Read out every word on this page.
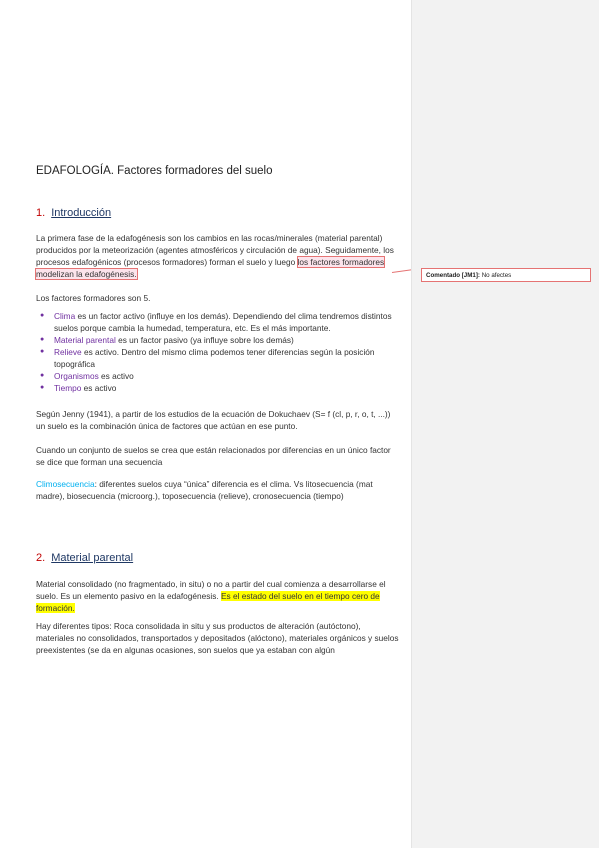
EDAFOLOGÍA. Factores formadores del suelo
1. Introducción
La primera fase de la edafogénesis son los cambios en las rocas/minerales (material parental) producidos por la meteorización (agentes atmosféricos y circulación de agua). Seguidamente, los procesos edafogénicos (procesos formadores) forman el suelo y luego los factores formadores modelizan la edafogénesis.
Los factores formadores son 5.
● Clima es un factor activo (influye en los demás). Dependiendo del clima tendremos distintos suelos porque cambia la humedad, temperatura, etc. Es el más importante.
● Material parental es un factor pasivo (ya influye sobre los demás)
● Relieve es activo. Dentro del mismo clima podemos tener diferencias según la posición topográfica
● Organismos es activo
● Tiempo es activo
Según Jenny (1941), a partir de los estudios de la ecuación de Dokuchaev (S= f (cl, p, r, o, t, ...)) un suelo es la combinación única de factores que actúan en ese punto.
Cuando un conjunto de suelos se crea que están relacionados por diferencias en un único factor se dice que forman una secuencia
Climosecuencia: diferentes suelos cuya “única” diferencia es el clima. Vs litosecuencia (mat madre), biosecuencia (microorg.), toposecuencia (relieve), cronosecuencia (tiempo)
2. Material parental
Material consolidado (no fragmentado, in situ) o no a partir del cual comienza a desarrollarse el suelo. Es un elemento pasivo en la edafogénesis. Es el estado del suelo en el tiempo cero de formación.
Hay diferentes tipos: Roca consolidada in situ y sus productos de alteración (autóctono), materiales no consolidados, transportados y depositados (alóctono), materiales orgánicos y suelos preexistentes (se da en algunas ocasiones, son suelos que ya estaban con algún
Comentado [JM1]: No afectes
